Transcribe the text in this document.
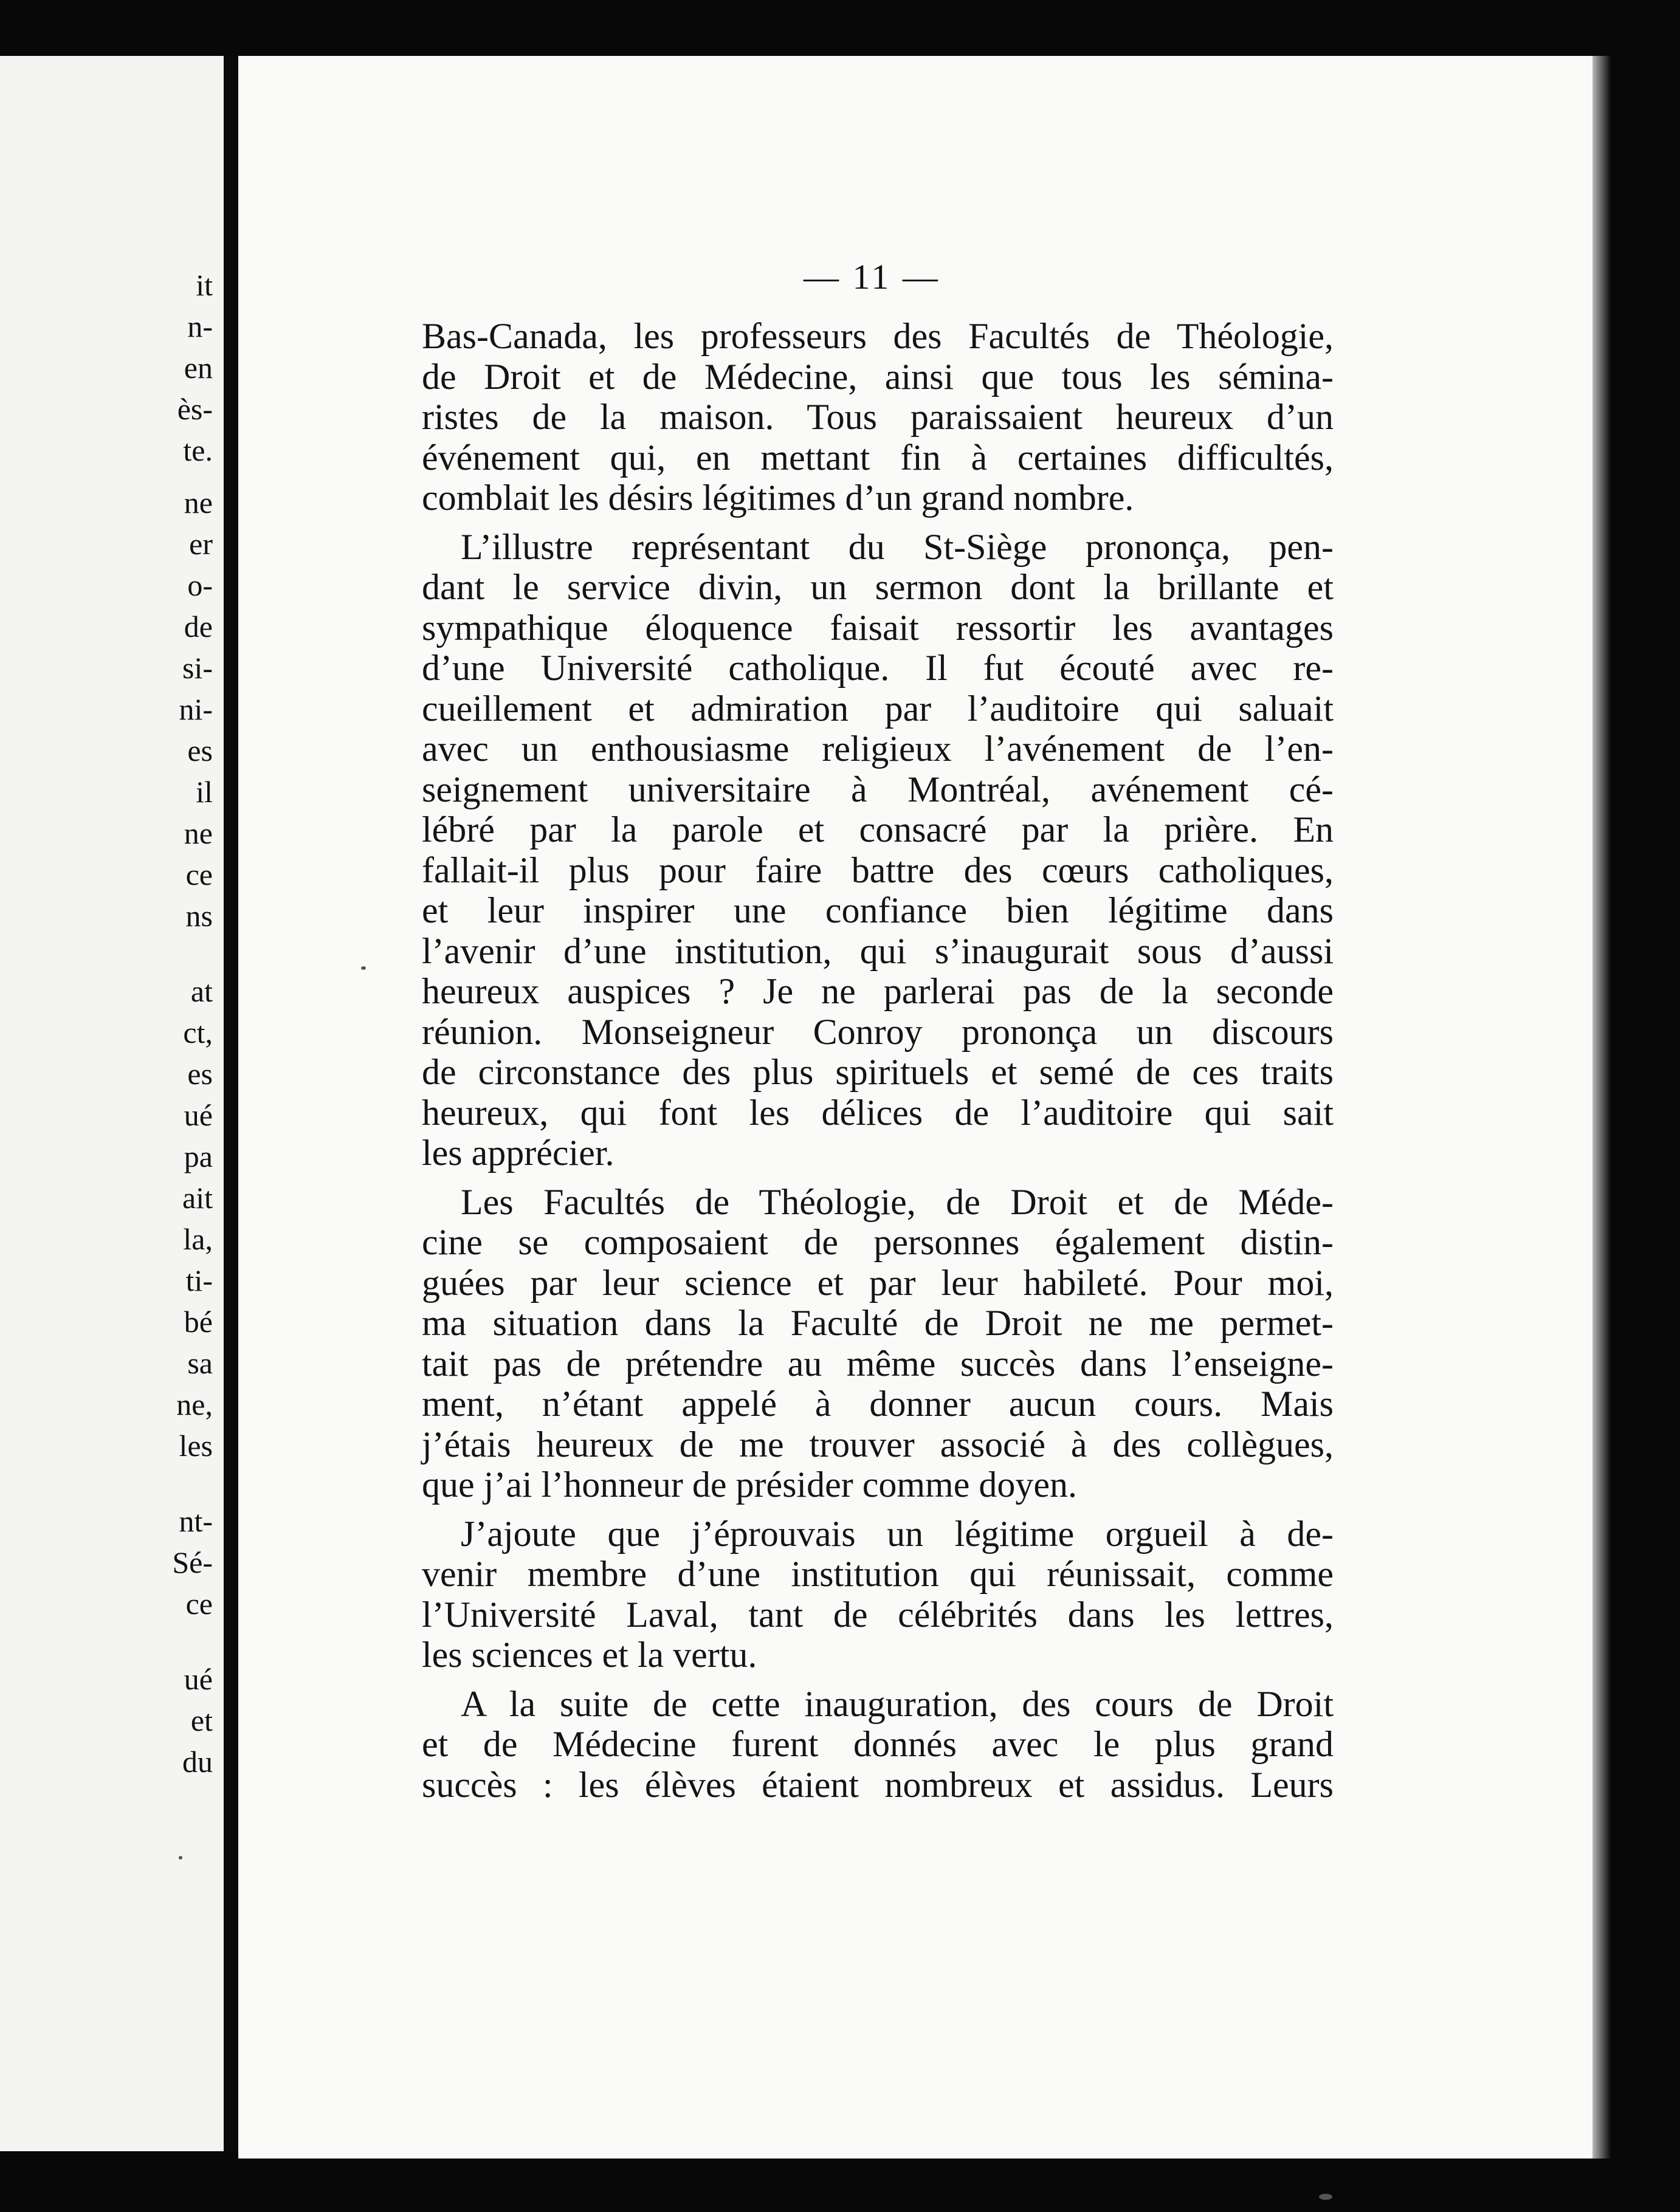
it

n-

en

ès-

te.

ne

er

o-

de

si-

ni-

es

il

ne

ce

ns

at

ct,

es

ué

pa

ait

la,

ti-

bé

sa

ne,

les

nt-

Sé-

ce

ué

et

du

— 11 —

Bas-Canada, les professeurs des Facultés de Théologie,
de Droit et de Médecine, ainsi que tous les sémina-
ristes de la maison. Tous paraissaient heureux d’un
événement qui, en mettant fin à certaines difficultés,
comblait les désirs légitimes d’un grand nombre.

L’illustre représentant du St-Siège prononça, pen-
dant le service divin, un sermon dont la brillante et
sympathique éloquence faisait ressortir les avantages
d’une Université catholique. Il fut écouté avec re-
cueillement et admiration par l’auditoire qui saluait
avec un enthousiasme religieux l’avénement de l’en-
seignement universitaire à Montréal, avénement cé-
lébré par la parole et consacré par la prière. En
fallait-il plus pour faire battre des cœurs catholiques,
et leur inspirer une confiance bien légitime dans
l’avenir d’une institution, qui s’inaugurait sous d’aussi
heureux auspices ? Je ne parlerai pas de la seconde
réunion. Monseigneur Conroy prononça un discours
de circonstance des plus spirituels et semé de ces traits
heureux, qui font les délices de l’auditoire qui sait
les apprécier.

Les Facultés de Théologie, de Droit et de Méde-
cine se composaient de personnes également distin-
guées par leur science et par leur habileté. Pour moi,
ma situation dans la Faculté de Droit ne me permet-
tait pas de prétendre au même succès dans l’enseigne-
ment, n’étant appelé à donner aucun cours. Mais
j’étais heureux de me trouver associé à des collègues,
que j’ai l’honneur de présider comme doyen.

J’ajoute que j’éprouvais un légitime orgueil à de-
venir membre d’une institution qui réunissait, comme
l’Université Laval, tant de célébrités dans les lettres,
les sciences et la vertu.

A la suite de cette inauguration, des cours de Droit
et de Médecine furent donnés avec le plus grand
succès : les élèves étaient nombreux et assidus. Leurs
